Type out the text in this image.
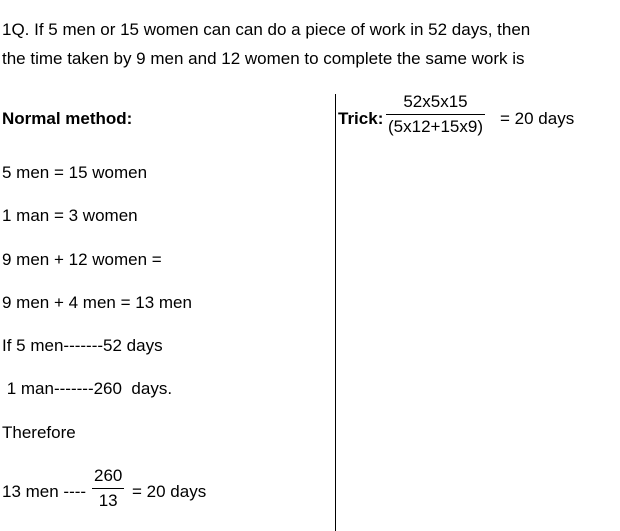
1Q. If 5 men or 15 women can can do a piece of work in 52 days, then
the time taken by 9 men and 12 women to complete the same work is
Normal method:
5 men = 15 women
1 man = 3 women
9 men + 12 women =
9 men + 4 men = 13 men
If 5 men-------52 days
1 man-------260  days.
Therefore
13 men ---- $\frac{260}{13} = 20$ days
Trick: $\frac{52x5x15}{(5x12+15x9)} = 20$ days
